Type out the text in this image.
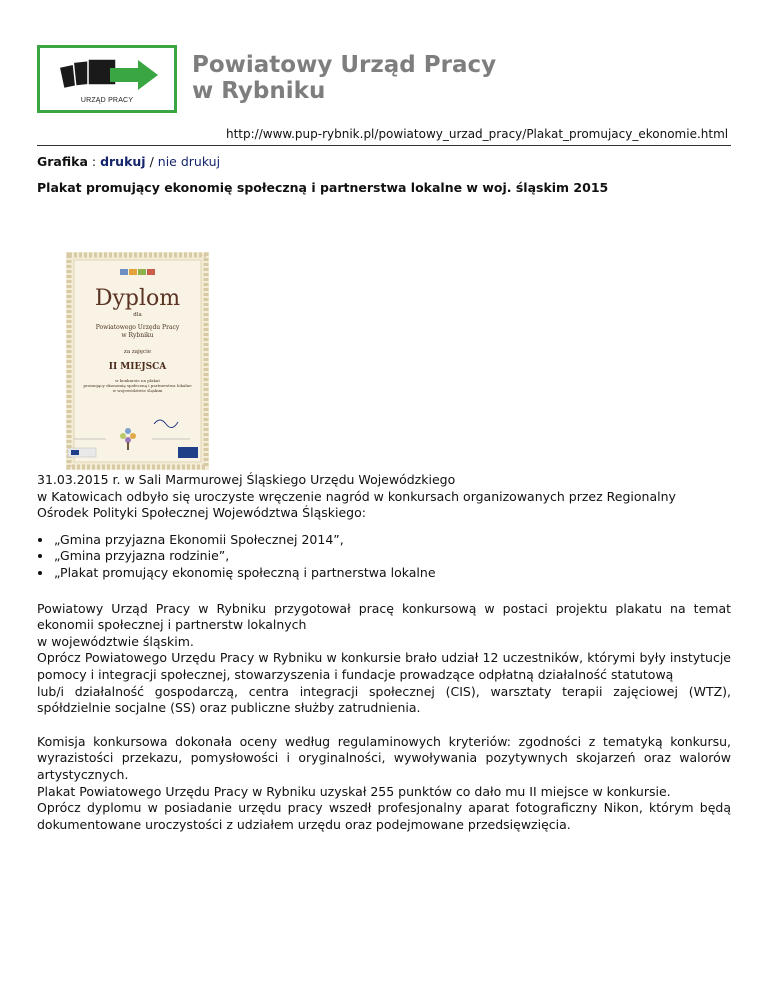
URZĄD PRACY
Powiatowy Urząd Pracy
w Rybniku
http://www.pup-rybnik.pl/powiatowy_urzad_pracy/Plakat_promujacy_ekonomie.html
Grafika : drukuj / nie drukuj
Plakat promujący ekonomię społeczną i partnerstwa lokalne w woj. śląskim 2015
Dyplom
dla
Powiatowego Urzędu Pracy
w Rybniku
za zajęcie
II MIEJSCA
w konkursie na plakat
promujący ekonomię społeczną i partnerstwa lokalne
w województwie śląskim

31.03.2015 r. w Sali Marmurowej Śląskiego Urzędu Wojewódzkiego

w Katowicach odbyło się uroczyste wręczenie nagród w konkursach organizowanych przez Regionalny Ośrodek Polityki Społecznej Województwa Śląskiego:

• „Gmina przyjazna Ekonomii Społecznej 2014”,
• „Gmina przyjazna rodzinie”,
• „Plakat promujący ekonomię społeczną i partnerstwa lokalne

Powiatowy Urząd Pracy w Rybniku przygotował pracę konkursową w postaci projektu plakatu na temat ekonomii społecznej i partnerstw lokalnych

w województwie śląskim.

Oprócz Powiatowego Urzędu Pracy w Rybniku w konkursie brało udział 12 uczestników, którymi były instytucje pomocy i integracji społecznej, stowarzyszenia i fundacje prowadzące odpłatną działalność statutową

lub/i działalność gospodarczą, centra integracji społecznej (CIS), warsztaty terapii zajęciowej (WTZ), spółdzielnie socjalne (SS) oraz publiczne służby zatrudnienia.

Komisja konkursowa dokonała oceny według regulaminowych kryteriów: zgodności z tematyką konkursu, wyrazistości przekazu, pomysłowości i oryginalności, wywoływania pozytywnych skojarzeń oraz walorów artystycznych.

Plakat Powiatowego Urzędu Pracy w Rybniku uzyskał 255 punktów co dało mu II miejsce w konkursie.

Oprócz dyplomu w posiadanie urzędu pracy wszedł profesjonalny aparat fotograficzny Nikon, którym będą dokumentowane uroczystości z udziałem urzędu oraz podejmowane przedsięwzięcia.
